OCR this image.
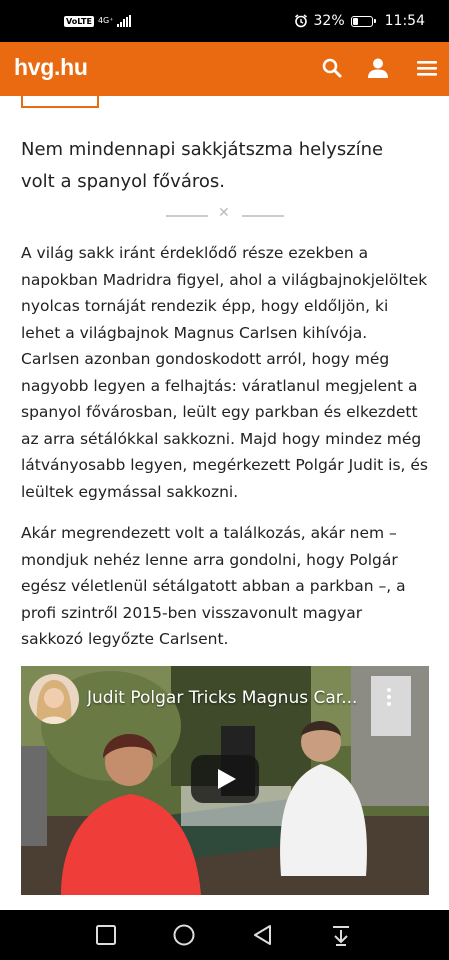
VoLTE 4G⁺	32%	11:54
hvg.hu
SZÍNES
Nem mindennapi sakkjátszma helyszíne volt a spanyol főváros.
✕

A világ sakk iránt érdeklődő része ezekben a napokban Madridra figyel, ahol a világbajnokjelöltek nyolcas tornáját rendezik épp, hogy eldőljön, ki lehet a világbajnok Magnus Carlsen kihívója. Carlsen azonban gondoskodott arról, hogy még nagyobb legyen a felhajtás: váratlanul megjelent a spanyol fővárosban, leült egy parkban és elkezdett az arra sétálókkal sakkozni. Majd hogy mindez még látványosabb legyen, megérkezett Polgár Judit is, és leültek egymással sakkozni.

Akár megrendezett volt a találkozás, akár nem – mondjuk nehéz lenne arra gondolni, hogy Polgár egész véletlenül sétálgatott abban a parkban –, a profi szintről 2015-ben visszavonult magyar sakkozó legyőzte Carlsent.

Judit Polgar Tricks Magnus Car...
